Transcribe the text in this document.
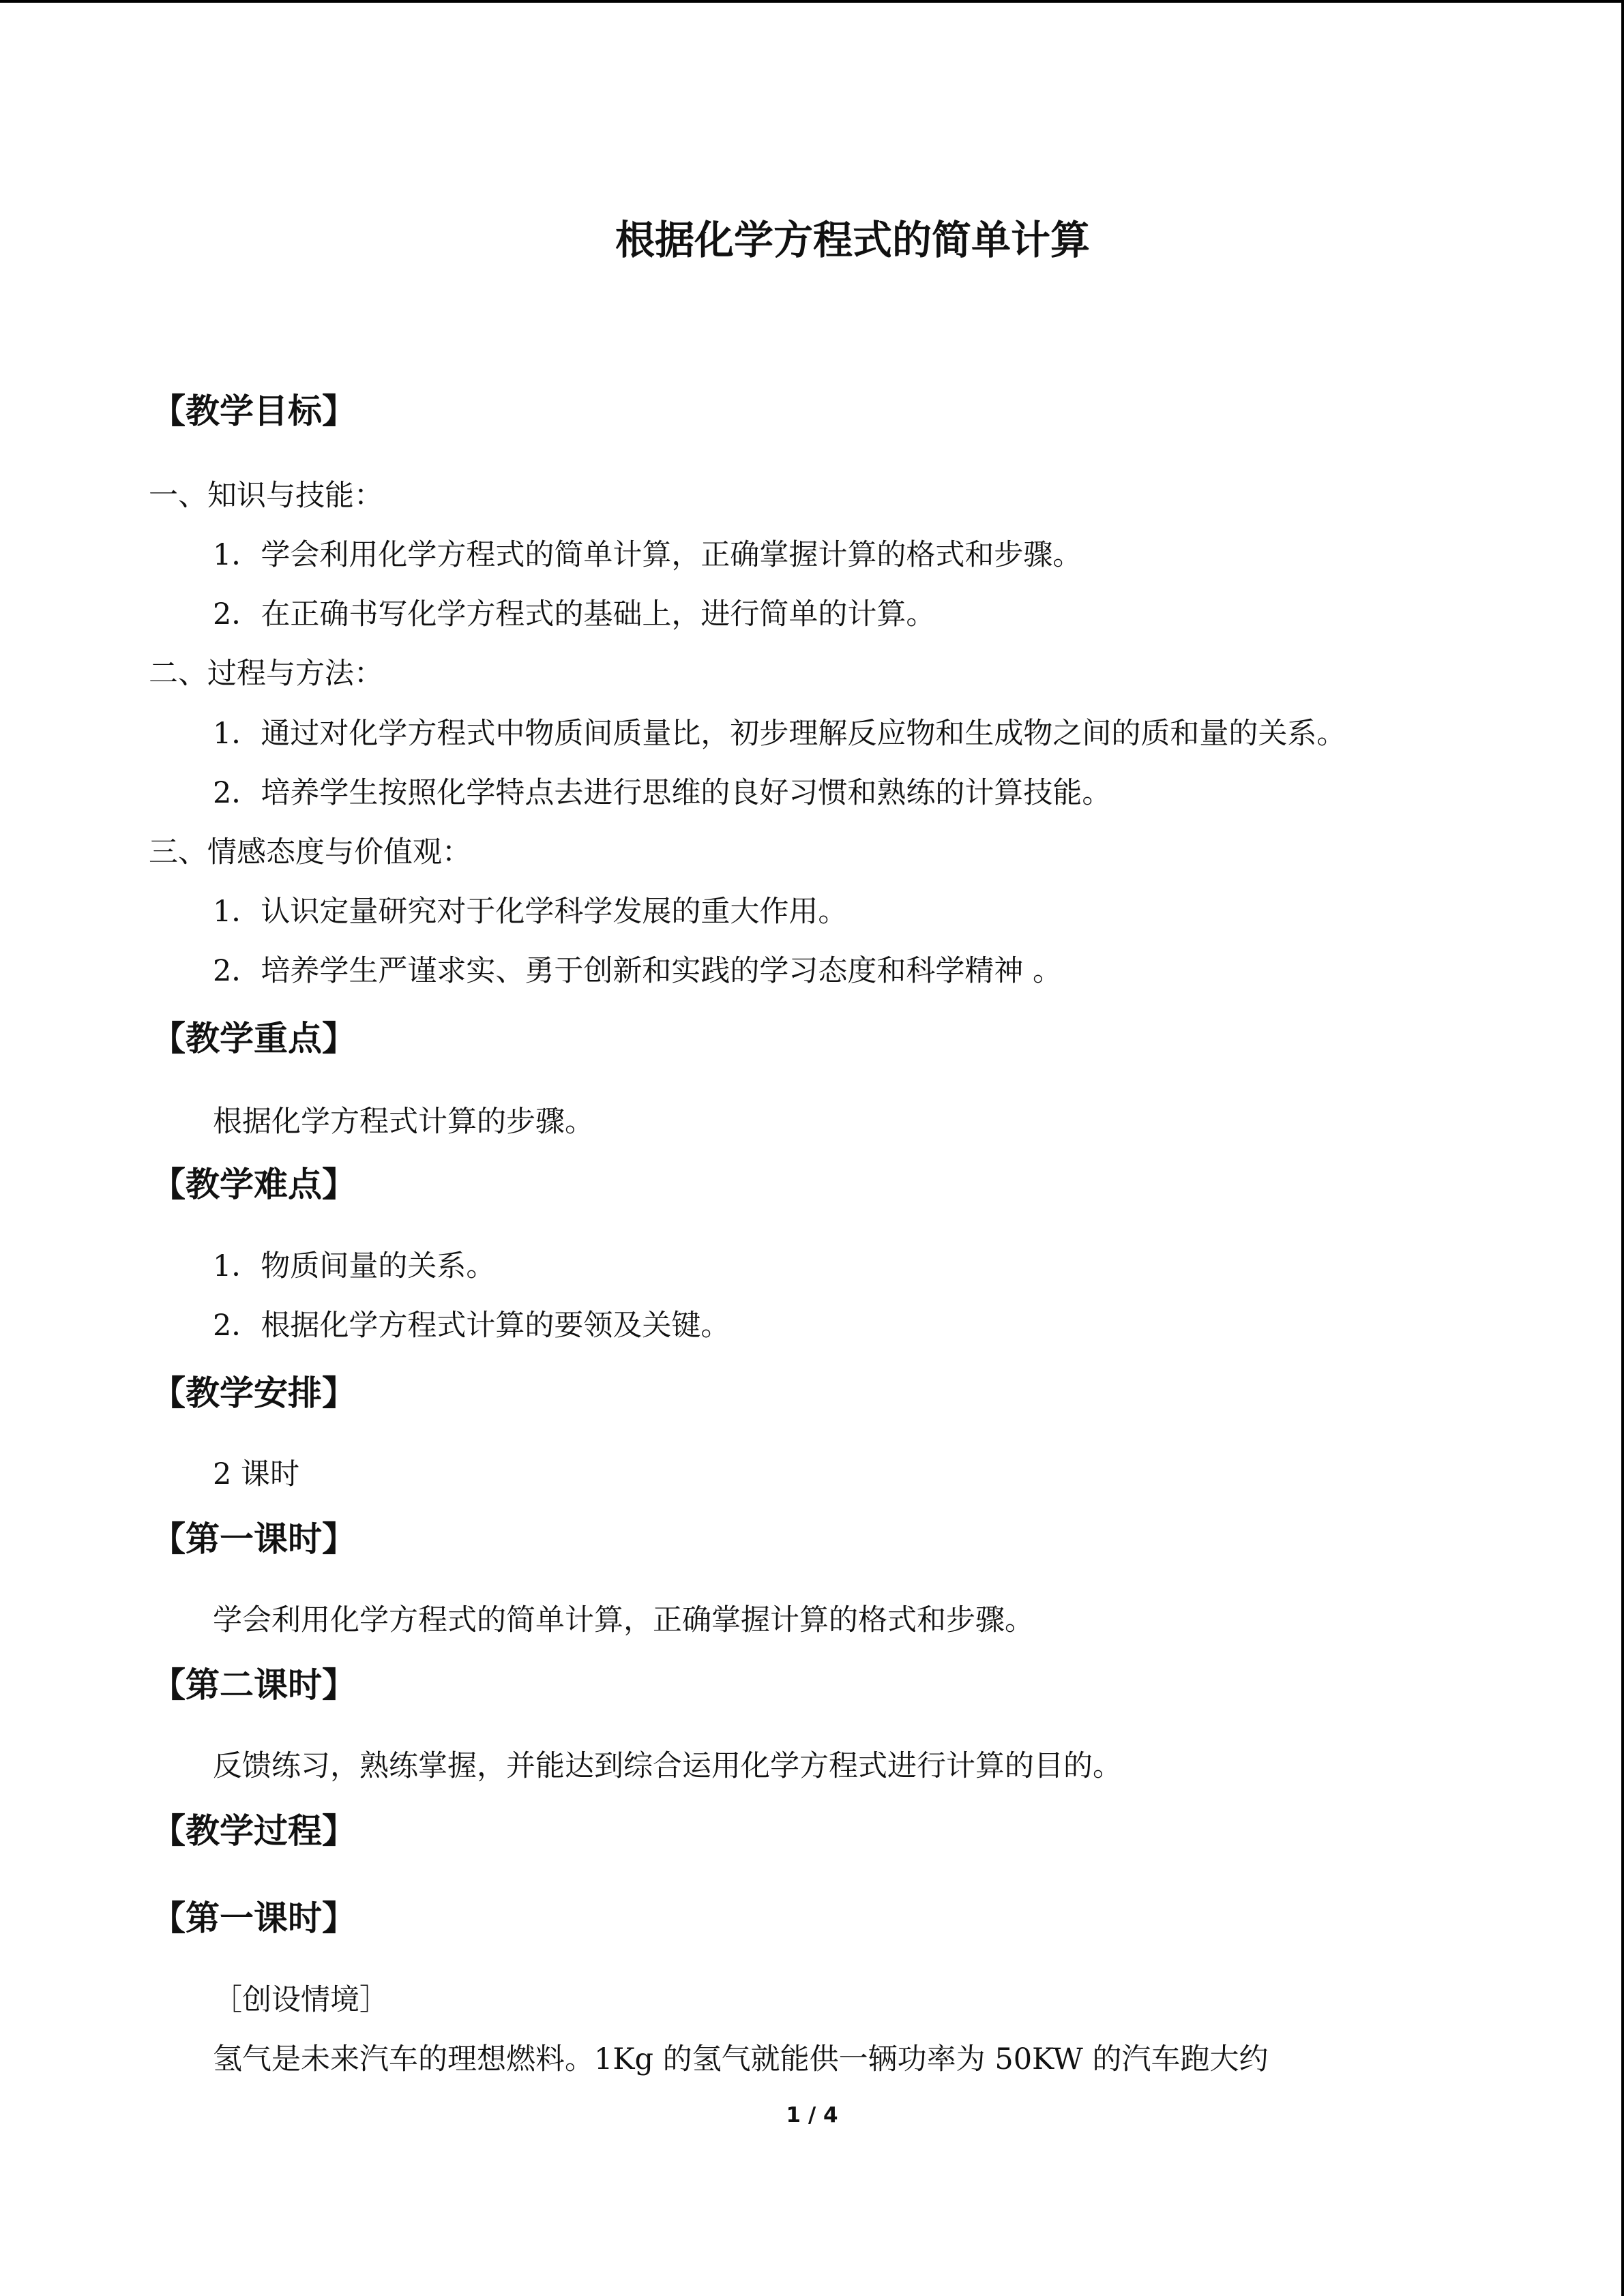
根据化学方程式的简单计算
【教学目标】
一、知识与技能：
1．学会利用化学方程式的简单计算，正确掌握计算的格式和步骤。
2．在正确书写化学方程式的基础上，进行简单的计算。
二、过程与方法：
1．通过对化学方程式中物质间质量比，初步理解反应物和生成物之间的质和量的关系。
2．培养学生按照化学特点去进行思维的良好习惯和熟练的计算技能。
三、情感态度与价值观：
1．认识定量研究对于化学科学发展的重大作用。
2．培养学生严谨求实、勇于创新和实践的学习态度和科学精神 。
【教学重点】
根据化学方程式计算的步骤。
【教学难点】
1．物质间量的关系。
2．根据化学方程式计算的要领及关键。
【教学安排】
2 课时
【第一课时】
学会利用化学方程式的简单计算，正确掌握计算的格式和步骤。
【第二课时】
反馈练习，熟练掌握，并能达到综合运用化学方程式进行计算的目的。
【教学过程】
【第一课时】
［创设情境］
氢气是未来汽车的理想燃料。1Kg 的氢气就能供一辆功率为 50KW 的汽车跑大约
1 / 4
